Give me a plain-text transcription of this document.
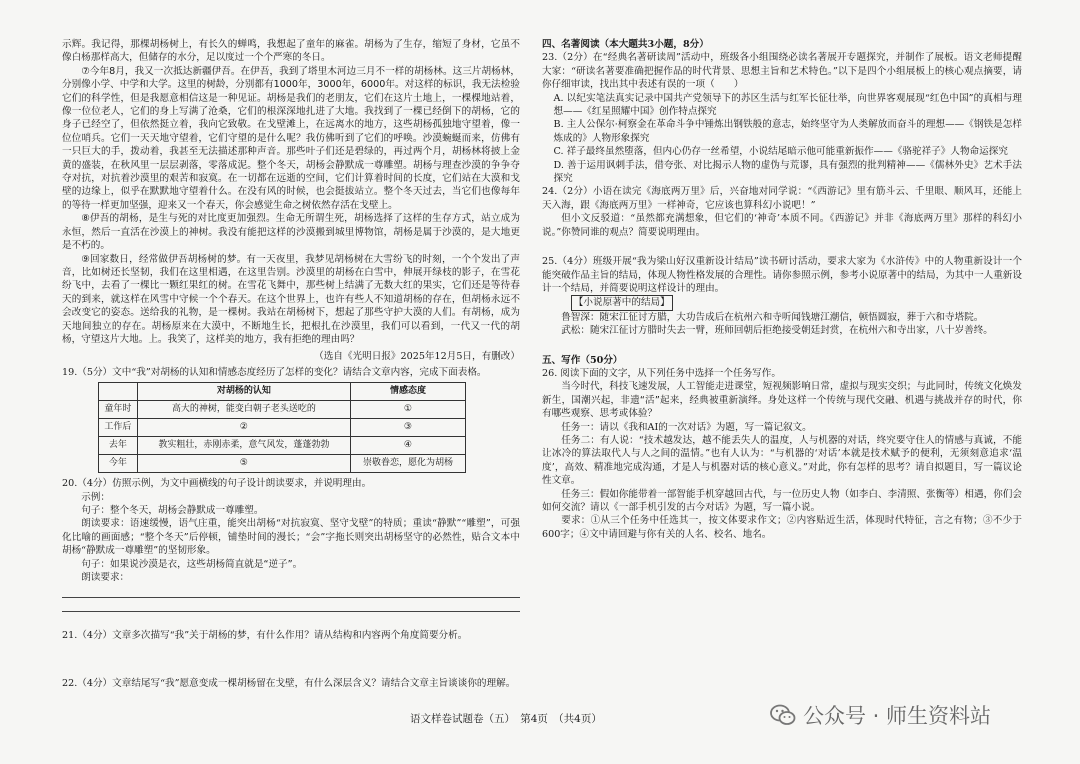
示辉。我记得，那棵胡杨树上，有长久的蝉鸣，我想起了童年的麻雀。胡杨为了生存，缩短了身材，它虽不像白杨那样高大，但储存的水分，足以度过一个个严寒的冬日。

⑦今年8月，我又一次抵达新疆伊吾。在伊吾，我到了塔里木河边三月不一样的胡杨林。这三片胡杨林，分别像小学、中学和大学。这里的树龄，分别都有1000年，3000年，6000年。对这样的标识，我无法检验它们的科学性，但是我愿意相信这是一种见证。胡杨是我们的老朋友，它们在这片土地上，一棵棵地站着，像一位位老人，它们的身上写满了沧桑，它们的根深深地扎进了大地。我找到了一棵已经倒下的胡杨，它的身子已经空了，但依然挺立着，我向它致敬。在戈壁滩上，在远离水的地方，这些胡杨孤独地守望着，像一位位哨兵。它们一天天地守望着，它们守望的是什么呢？我仿佛听到了它们的呼唤。沙漠蜿蜒而来，仿佛有一只巨大的手，拨动着，我甚至无法描述那种声音。那些叶子们还是碧绿的，再过两个月，胡杨林将披上金黄的盛装，在秋风里一层层剥落，零落成泥。整个冬天，胡杨会静默成一尊雕塑。胡杨与理查沙漠的争争夺夺对抗，对抗着沙漠里的艰苦和寂寞。在一切都在远逝的空间，它们计算着时间的长度，它们站在大漠和戈壁的边缘上，似乎在默默地守望着什么。在没有风的时候，也会挺拔站立。整个冬天过去，当它们也像每年的等待一样更加坚强，迎来又一个春天，你会感觉生命之树依然存活在戈壁上。

⑧伊吾的胡杨，是生与死的对比度更加强烈。生命无所谓生死，胡杨选择了这样的生存方式，站立成为永恒，然后一直活在沙漠上的神树。我没有能把这样的沙漠搬到城里博物馆，胡杨是属于沙漠的，是大地更是不朽的。

⑨回家数日，经常做伊吾胡杨树的梦。有一天夜里，我梦见胡杨树在大雪纷飞的时刻，一个个发出了声音，比如树还长坚韧，我们在这里相遇，在这里告别。沙漠里的胡杨在白雪中，伸展开绿枝的影子，在雪花纷飞中，去看了一棵比一颗红果红的树。在雪花飞舞中，那些树上结满了无数大红的果实，它们还是等待春天的到来，就这样在风雪中守候一个个春天。在这个世界上，也许有些人不知道胡杨的存在，但胡杨永远不会改变它的姿态。送给我的礼物，是一棵树。我站在胡杨树下，想起了那些守护大漠的人们。有胡杨，成为天地间独立的存在。胡杨原来在大漠中，不断地生长，把根扎在沙漠里，我们可以看到，一代又一代的胡杨，守望这片大地。上。我笑了，这样美的地方，我有拒绝的理由吗？

（选自《光明日报》2025年12月5日，有删改）

19.（5分）文中“我”对胡杨的认知和情感态度经历了怎样的变化？请结合文章内容，完成下面表格。

	对胡杨的认知	情感态度
童年时	高大的神树，能变白朝子老头送吃的	①
工作后	②	③
去年	教实粗壮，赤刚赤柔，意气风发，蓬蓬勃勃	④
今年	⑤	崇敬眷恋，愿化为胡杨

20.（4分）仿照示例，为文中画横线的句子设计朗读要求，并说明理由。

示例：

句子：整个冬天，胡杨会静默成一尊雕塑。

朗读要求：语速缓慢，语气庄重，能突出胡杨“对抗寂寞、坚守戈壁”的特质；重读“静默”“雕塑”，可强化比喻的画面感；“整个冬天”后停顿，铺垫时间的漫长；“会”字拖长则突出胡杨坚守的必然性，贴合文本中胡杨“静默成一尊雕塑”的坚韧形象。

句子：如果说沙漠是衣，这些胡杨简直就是“逆子”。

朗读要求：

21.（4分）文章多次描写“我”关于胡杨的梦，有什么作用？请从结构和内容两个角度简要分析。

22.（4分）文章结尾写“我”愿意变成一棵胡杨留在戈壁，有什么深层含义？请结合文章主旨谈谈你的理解。

四、名著阅读（本大题共3小题，8分）

23.（2分）在“经典名著研读周”活动中，班级各小组围绕必读名著展开专题探究，并制作了展板。语文老师提醒大家：“研读名著要准确把握作品的时代背景、思想主旨和艺术特色。”以下是四个小组展板上的核心观点摘要，请你仔细审读，找出其中表述有误的一项（　　）

A. 以纪实笔法真实记录中国共产党领导下的苏区生活与红军长征壮举，向世界客观展现“红色中国”的真相与理想——《红星照耀中国》创作特点探究

B. 主人公保尔·柯察金在革命斗争中锤炼出钢铁般的意志，始终坚守为人类解放而奋斗的理想——《钢铁是怎样炼成的》人物形象探究

C. 祥子最终虽然堕落，但内心仍存一丝希望，小说结尾暗示他可能重新振作——《骆驼祥子》人物命运探究

D. 善于运用讽刺手法，借夸张、对比揭示人物的虚伪与荒谬，具有强烈的批判精神——《儒林外史》艺术手法探究

24.（2分）小语在读完《海底两万里》后，兴奋地对同学说：“《西游记》里有筋斗云、千里眼、顺风耳，还能上天入海，跟《海底两万里》一样神奇，它应该也算科幻小说吧！”

但小文反驳道：“虽然都充满想象，但它们的‘神奇’本质不同。《西游记》并非《海底两万里》那样的科幻小说。”你赞同谁的观点？简要说明理由。

25.（4分）班级开展“我为梁山好汉重新设计结局”读书研讨活动，要求大家为《水浒传》中的人物重新设计一个能突破作品主旨的结局，体现人物性格发展的合理性。请你参照示例，参考小说原著中的结局，为其中一人重新设计一个结局，并简要说明这样设计的理由。

【小说原著中的结局】

鲁智深：随宋江征讨方腊，大功告成后在杭州六和寺听闻钱塘江潮信，顿悟圆寂，葬于六和寺塔院。

武松：随宋江征讨方腊时失去一臂，班师回朝后拒绝接受朝廷封赏，在杭州六和寺出家，八十岁善终。

五、写作（50分）

26. 阅读下面的文字，从下列任务中选择一个任务写作。

当今时代，科技飞速发展，人工智能走进课堂，短视频影响日常，虚拟与现实交织；与此同时，传统文化焕发新生，国潮兴起，非遗“活”起来，经典被重新演绎。身处这样一个传统与现代交融、机遇与挑战并存的时代，你有哪些观察、思考或体验？

任务一：请以《我和AI的一次对话》为题，写一篇记叙文。

任务二：有人说：“技术越发达，越不能丢失人的温度，人与机器的对话，终究要守住人的情感与真诚，不能让冰冷的算法取代人与人之间的温情。”也有人认为：“与机器的‘对话’本就是技术赋予的便利，无须刻意追求‘温度’，高效、精准地完成沟通，才是人与机器对话的核心意义。”对此，你有怎样的思考？请自拟题目，写一篇议论性文章。

任务三：假如你能带着一部智能手机穿越回古代，与一位历史人物（如李白、李清照、张衡等）相遇，你们会如何交流？请以《一部手机引发的古今对话》为题，写一篇小说。

要求：①从三个任务中任选其一，按文体要求作文；②内容贴近生活，体现时代特征，言之有物；③不少于600字；④文中请回避与你有关的人名、校名、地名。

语文样卷试题卷（五）　第4页　（共4页）	公众号 · 师生资料站
